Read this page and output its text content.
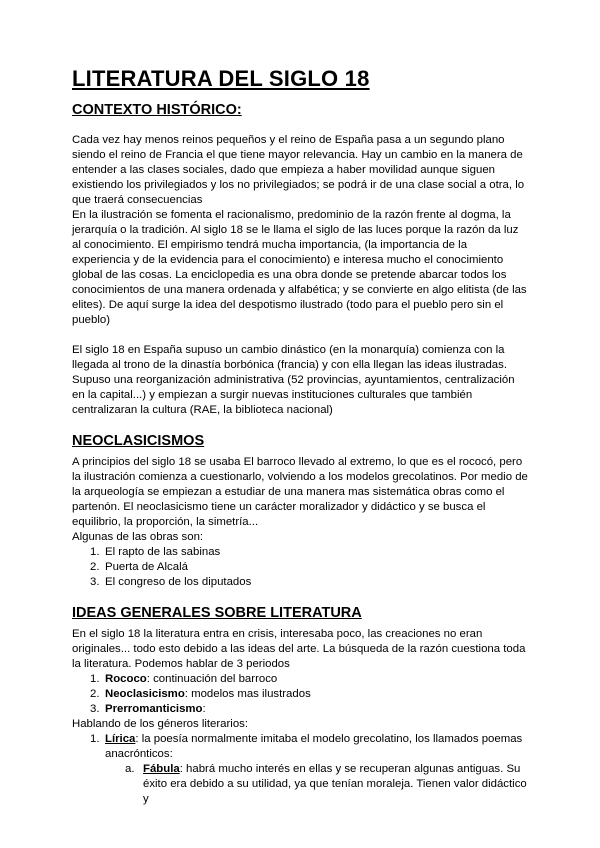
LITERATURA DEL SIGLO 18
CONTEXTO HISTÓRICO:

Cada vez hay menos reinos pequeños y el reino de España pasa a un segundo plano siendo el reino de Francia el que tiene mayor relevancia. Hay un cambio en la manera de entender a las clases sociales, dado que empieza a haber movilidad aunque siguen existiendo los privilegiados y los no privilegiados; se podrá ir de una clase social a otra, lo que traerá consecuencias

En la ilustración se fomenta el racionalismo, predominio de la razón frente al dogma, la jerarquía o la tradición. Al siglo 18 se le llama el siglo de las luces porque la razón da luz al conocimiento. El empirismo tendrá mucha importancia, (la importancia de la experiencia y de la evidencia para el conocimiento) e interesa mucho el conocimiento global de las cosas. La enciclopedia es una obra donde se pretende abarcar todos los conocimientos de una manera ordenada y alfabética; y se convierte en algo elitista (de las elites). De aquí surge la idea del despotismo ilustrado (todo para el pueblo pero sin el pueblo)

El siglo 18 en España supuso un cambio dinástico (en la monarquía) comienza con la llegada al trono de la dinastía borbónica (francia) y con ella llegan las ideas ilustradas. Supuso una reorganización administrativa (52 provincias, ayuntamientos, centralización en la capital...) y empiezan a surgir nuevas instituciones culturales que también centralizaran la cultura (RAE, la biblioteca nacional)

NEOCLASICISMOS

A principios del siglo 18 se usaba El barroco llevado al extremo, lo que es el rococó, pero la ilustración comienza a cuestionarlo, volviendo a los modelos grecolatinos. Por medio de la arqueología se empiezan a estudiar de una manera mas sistemática obras como el partenón. El neoclasicismo tiene un carácter moralizador y didáctico y se busca el equilibrio, la proporción, la simetría...

Algunas de las obras son:

1. El rapto de las sabinas
2. Puerta de Alcalá
3. El congreso de los diputados
IDEAS GENERALES SOBRE LITERATURA

En el siglo 18 la literatura entra en crisis, interesaba poco, las creaciones no eran originales... todo esto debido a las ideas del arte. La búsqueda de la razón cuestiona toda la literatura. Podemos hablar de 3 periodos

1. Rococo: continuación del barroco
2. Neoclasicismo: modelos mas ilustrados
3. Prerromanticismo:

Hablando de los géneros literarios:

1. Lírica: la poesía normalmente imitaba el modelo grecolatino, los llamados poemas anacrónticos:
a. Fábula: habrá mucho interés en ellas y se recuperan algunas antiguas. Su éxito era debido a su utilidad, ya que tenían moraleja. Tienen valor didáctico y
